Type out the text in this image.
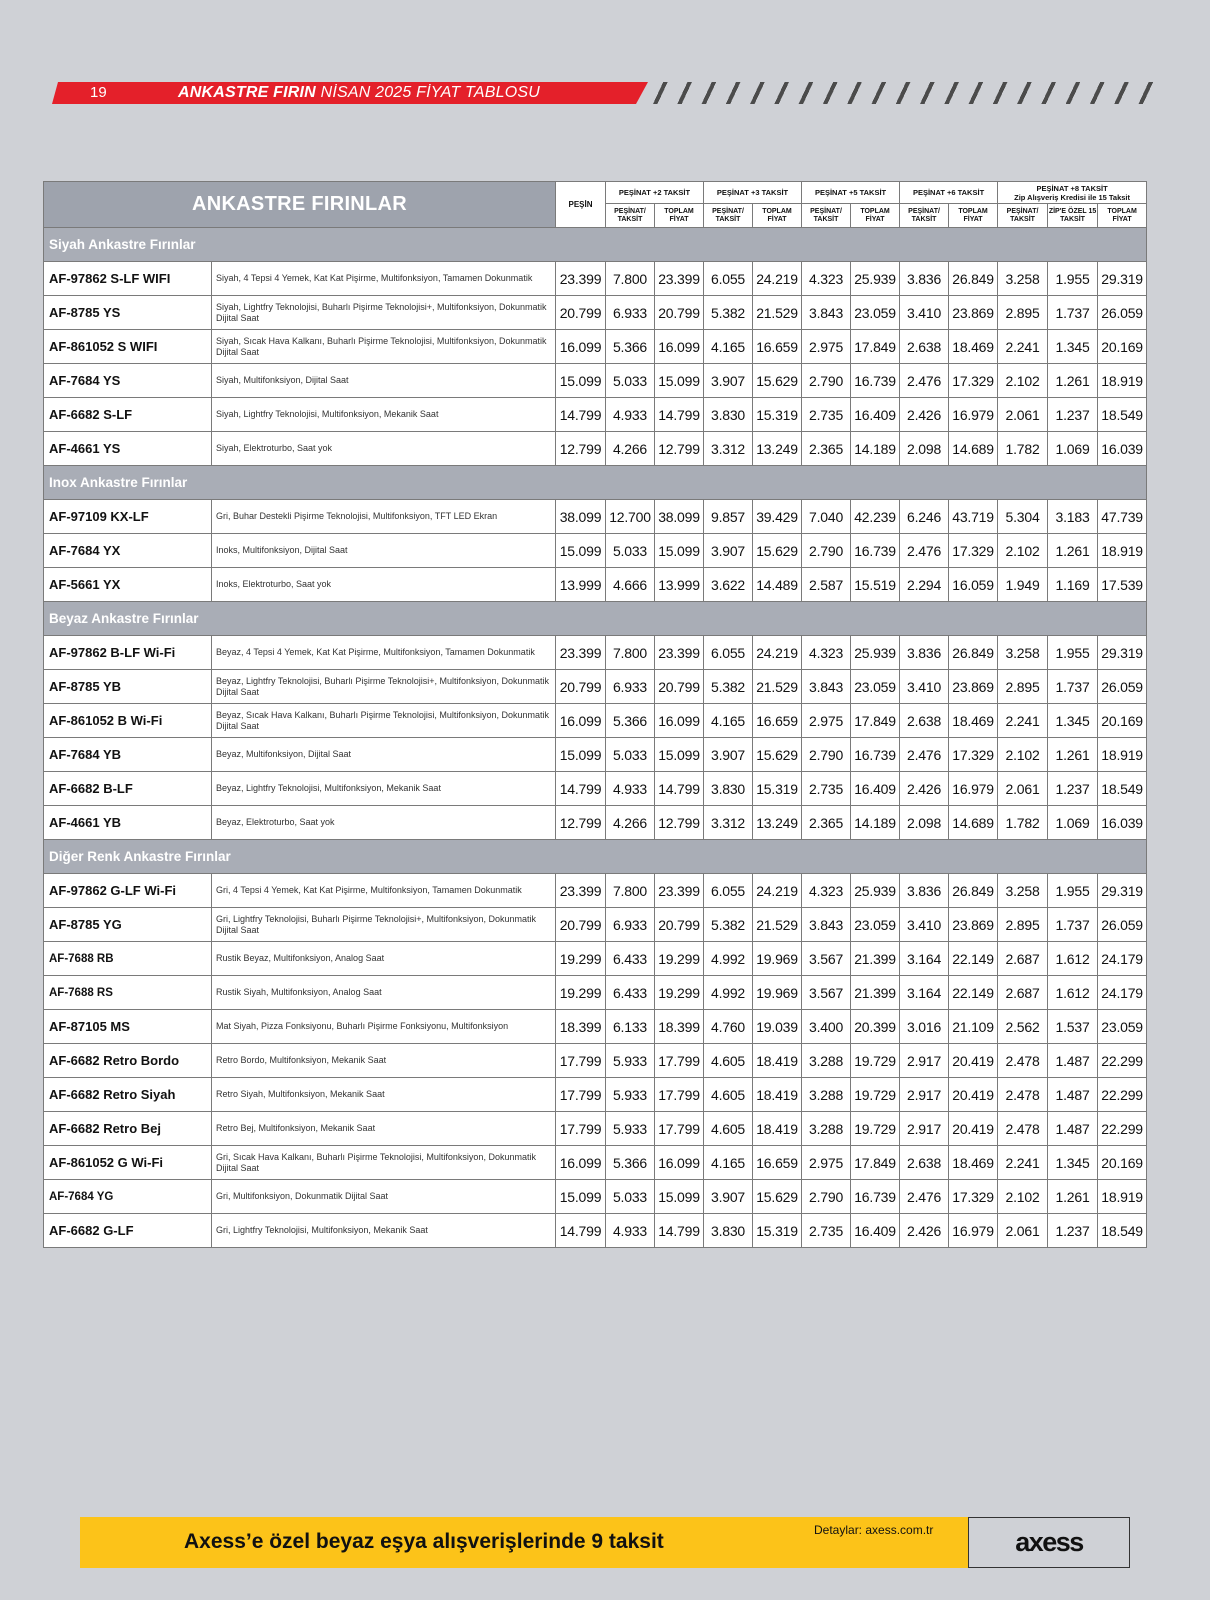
19	ANKASTRE FIRIN NİSAN 2025 FİYAT TABLOSU
ANKASTRE FIRINLAR		PEŞİN	PEŞİNAT +2 TAKSİT		PEŞİNAT +3 TAKSİT		PEŞİNAT +5 TAKSİT		PEŞİNAT +6 TAKSİT		PEŞİNAT +8 TAKSİT
Zip Alışveriş Kredisi ile 15 Taksit		

			PEŞİNAT/ TAKSİT	TOPLAM FİYAT	PEŞİNAT/ TAKSİT	TOPLAM FİYAT	PEŞİNAT/ TAKSİT	TOPLAM FİYAT	PEŞİNAT/ TAKSİT	TOPLAM FİYAT	PEŞİNAT/ TAKSİT	ZİP'E ÖZEL 15 TAKSİT	TOPLAM FİYAT
Siyah Ankastre Fırınlar													
AF-97862 S-LF WIFI	Siyah, 4 Tepsi 4 Yemek, Kat Kat Pişirme, Multifonksiyon, Tamamen Dokunmatik	23.399	7.800	23.399	6.055	24.219	4.323	25.939	3.836	26.849	3.258	1.955	29.319
AF-8785 YS	Siyah, Lightfry Teknolojisi, Buharlı Pişirme Teknolojisi+, Multifonksiyon, Dokunmatik Dijital Saat	20.799	6.933	20.799	5.382	21.529	3.843	23.059	3.410	23.869	2.895	1.737	26.059
AF-861052 S WIFI	Siyah, Sıcak Hava Kalkanı, Buharlı Pişirme Teknolojisi, Multifonksiyon, Dokunmatik Dijital Saat	16.099	5.366	16.099	4.165	16.659	2.975	17.849	2.638	18.469	2.241	1.345	20.169
AF-7684 YS	Siyah, Multifonksiyon, Dijital Saat	15.099	5.033	15.099	3.907	15.629	2.790	16.739	2.476	17.329	2.102	1.261	18.919
AF-6682 S-LF	Siyah, Lightfry Teknolojisi, Multifonksiyon, Mekanik Saat	14.799	4.933	14.799	3.830	15.319	2.735	16.409	2.426	16.979	2.061	1.237	18.549
AF-4661 YS	Siyah, Elektroturbo, Saat yok	12.799	4.266	12.799	3.312	13.249	2.365	14.189	2.098	14.689	1.782	1.069	16.039
Inox Ankastre Fırınlar													
AF-97109 KX-LF	Gri, Buhar Destekli Pişirme Teknolojisi, Multifonksiyon, TFT LED Ekran	38.099	12.700	38.099	9.857	39.429	7.040	42.239	6.246	43.719	5.304	3.183	47.739
AF-7684 YX	Inoks, Multifonksiyon, Dijital Saat	15.099	5.033	15.099	3.907	15.629	2.790	16.739	2.476	17.329	2.102	1.261	18.919
AF-5661 YX	Inoks, Elektroturbo, Saat yok	13.999	4.666	13.999	3.622	14.489	2.587	15.519	2.294	16.059	1.949	1.169	17.539
Beyaz Ankastre Fırınlar													
AF-97862 B-LF Wi-Fi	Beyaz, 4 Tepsi 4 Yemek, Kat Kat Pişirme, Multifonksiyon, Tamamen Dokunmatik	23.399	7.800	23.399	6.055	24.219	4.323	25.939	3.836	26.849	3.258	1.955	29.319
AF-8785 YB	Beyaz, Lightfry Teknolojisi, Buharlı Pişirme Teknolojisi+, Multifonksiyon, Dokunmatik Dijital Saat	20.799	6.933	20.799	5.382	21.529	3.843	23.059	3.410	23.869	2.895	1.737	26.059
AF-861052 B Wi-Fi	Beyaz, Sıcak Hava Kalkanı, Buharlı Pişirme Teknolojisi, Multifonksiyon, Dokunmatik Dijital Saat	16.099	5.366	16.099	4.165	16.659	2.975	17.849	2.638	18.469	2.241	1.345	20.169
AF-7684 YB	Beyaz, Multifonksiyon, Dijital Saat	15.099	5.033	15.099	3.907	15.629	2.790	16.739	2.476	17.329	2.102	1.261	18.919
AF-6682 B-LF	Beyaz, Lightfry Teknolojisi, Multifonksiyon, Mekanik Saat	14.799	4.933	14.799	3.830	15.319	2.735	16.409	2.426	16.979	2.061	1.237	18.549
AF-4661 YB	Beyaz, Elektroturbo, Saat yok	12.799	4.266	12.799	3.312	13.249	2.365	14.189	2.098	14.689	1.782	1.069	16.039
Diğer Renk Ankastre Fırınlar													
AF-97862 G-LF Wi-Fi	Gri, 4 Tepsi 4 Yemek, Kat Kat Pişirme, Multifonksiyon, Tamamen Dokunmatik	23.399	7.800	23.399	6.055	24.219	4.323	25.939	3.836	26.849	3.258	1.955	29.319
AF-8785 YG	Gri, Lightfry Teknolojisi, Buharlı Pişirme Teknolojisi+, Multifonksiyon, Dokunmatik Dijital Saat	20.799	6.933	20.799	5.382	21.529	3.843	23.059	3.410	23.869	2.895	1.737	26.059
AF-7688 RB	Rustik Beyaz, Multifonksiyon, Analog Saat	19.299	6.433	19.299	4.992	19.969	3.567	21.399	3.164	22.149	2.687	1.612	24.179
AF-7688 RS	Rustik Siyah, Multifonksiyon, Analog Saat	19.299	6.433	19.299	4.992	19.969	3.567	21.399	3.164	22.149	2.687	1.612	24.179
AF-87105 MS	Mat Siyah, Pizza Fonksiyonu, Buharlı Pişirme Fonksiyonu, Multifonksiyon	18.399	6.133	18.399	4.760	19.039	3.400	20.399	3.016	21.109	2.562	1.537	23.059
AF-6682 Retro Bordo	Retro Bordo, Multifonksiyon, Mekanik Saat	17.799	5.933	17.799	4.605	18.419	3.288	19.729	2.917	20.419	2.478	1.487	22.299
AF-6682 Retro Siyah	Retro Siyah, Multifonksiyon, Mekanik Saat	17.799	5.933	17.799	4.605	18.419	3.288	19.729	2.917	20.419	2.478	1.487	22.299
AF-6682 Retro Bej	Retro Bej, Multifonksiyon, Mekanik Saat	17.799	5.933	17.799	4.605	18.419	3.288	19.729	2.917	20.419	2.478	1.487	22.299
AF-861052 G Wi-Fi	Gri, Sıcak Hava Kalkanı, Buharlı Pişirme Teknolojisi, Multifonksiyon, Dokunmatik Dijital Saat	16.099	5.366	16.099	4.165	16.659	2.975	17.849	2.638	18.469	2.241	1.345	20.169
AF-7684 YG	Gri, Multifonksiyon, Dokunmatik Dijital Saat	15.099	5.033	15.099	3.907	15.629	2.790	16.739	2.476	17.329	2.102	1.261	18.919
AF-6682 G-LF	Gri, Lightfry Teknolojisi, Multifonksiyon, Mekanik Saat	14.799	4.933	14.799	3.830	15.319	2.735	16.409	2.426	16.979	2.061	1.237	18.549
Axess’e özel beyaz eşya alışverişlerinde 9 taksit	Detaylar: axess.com.tr	axess
